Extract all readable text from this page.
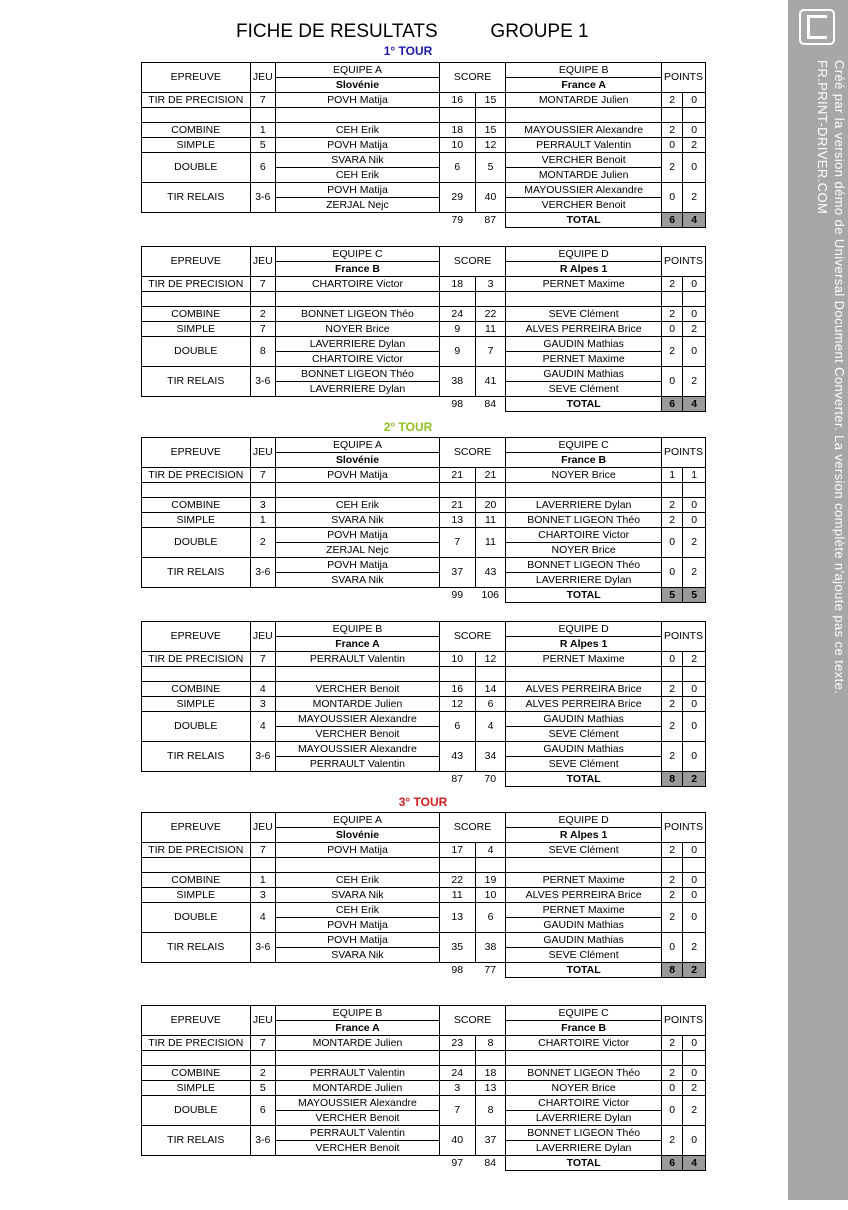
FICHE DE RESULTATS          GROUPE 1
Créé par la version démo de Universal Document Converter. La version complète n'ajoute pas ce texte.
FR.PRINT-DRIVER.COM
1° TOUR
EPREUVE	JEU	EQUIPE A	SCORE		EQUIPE B	POINTS	
		Slovénie			France A		
TIR DE PRECISION	7	POVH Matija	16	15	MONTARDE Julien	2	0

COMBINE	1	CEH Erik	18	15	MAYOUSSIER Alexandre	2	0
SIMPLE	5	POVH Matija	10	12	PERRAULT Valentin	0	2
DOUBLE	6	SVARA Nik	6	5	VERCHER Benoit	2	0
		CEH Erik			MONTARDE Julien		
TIR RELAIS	3-6	POVH Matija	29	40	MAYOUSSIER Alexandre	0	2
		ZERJAL Nejc			VERCHER Benoit		
			79	87	TOTAL	6	4
EPREUVE	JEU	EQUIPE C	SCORE		EQUIPE D	POINTS	
		France B			R Alpes 1		
TIR DE PRECISION	7	CHARTOIRE Victor	18	3	PERNET Maxime	2	0

COMBINE	2	BONNET LIGEON Théo	24	22	SEVE Clément	2	0
SIMPLE	7	NOYER Brice	9	11	ALVES PERREIRA Brice	0	2
DOUBLE	8	LAVERRIERE Dylan	9	7	GAUDIN Mathias	2	0
		CHARTOIRE Victor			PERNET Maxime		
TIR RELAIS	3-6	BONNET LIGEON Théo	38	41	GAUDIN Mathias	0	2
		LAVERRIERE Dylan			SEVE Clément		
			98	84	TOTAL	6	4
2° TOUR
EPREUVE	JEU	EQUIPE A	SCORE		EQUIPE C	POINTS	
		Slovénie			France B		
TIR DE PRECISION	7	POVH Matija	21	21	NOYER Brice	1	1

COMBINE	3	CEH Erik	21	20	LAVERRIERE Dylan	2	0
SIMPLE	1	SVARA Nik	13	11	BONNET LIGEON Théo	2	0
DOUBLE	2	POVH Matija	7	11	CHARTOIRE Victor	0	2
		ZERJAL Nejc			NOYER Brice		
TIR RELAIS	3-6	POVH Matija	37	43	BONNET LIGEON Théo	0	2
		SVARA Nik			LAVERRIERE Dylan		
			99	106	TOTAL	5	5
EPREUVE	JEU	EQUIPE B	SCORE		EQUIPE D	POINTS	
		France A			R Alpes 1		
TIR DE PRECISION	7	PERRAULT Valentin	10	12	PERNET Maxime	0	2

COMBINE	4	VERCHER Benoit	16	14	ALVES PERREIRA Brice	2	0
SIMPLE	3	MONTARDE Julien	12	6	ALVES PERREIRA Brice	2	0
DOUBLE	4	MAYOUSSIER Alexandre	6	4	GAUDIN Mathias	2	0
		VERCHER Benoit			SEVE Clément		
TIR RELAIS	3-6	MAYOUSSIER Alexandre	43	34	GAUDIN Mathias	2	0
		PERRAULT Valentin			SEVE Clément		
			87	70	TOTAL	8	2
3° TOUR
EPREUVE	JEU	EQUIPE A	SCORE		EQUIPE D	POINTS	
		Slovénie			R Alpes 1		
TIR DE PRECISION	7	POVH Matija	17	4	SEVE Clément	2	0

COMBINE	1	CEH Erik	22	19	PERNET Maxime	2	0
SIMPLE	3	SVARA Nik	11	10	ALVES PERREIRA Brice	2	0
DOUBLE	4	CEH Erik	13	6	PERNET Maxime	2	0
		POVH Matija			GAUDIN Mathias		
TIR RELAIS	3-6	POVH Matija	35	38	GAUDIN Mathias	0	2
		SVARA Nik			SEVE Clément		
			98	77	TOTAL	8	2
EPREUVE	JEU	EQUIPE B	SCORE		EQUIPE C	POINTS	
		France A			France B		
TIR DE PRECISION	7	MONTARDE Julien	23	8	CHARTOIRE Victor	2	0

COMBINE	2	PERRAULT Valentin	24	18	BONNET LIGEON Théo	2	0
SIMPLE	5	MONTARDE Julien	3	13	NOYER Brice	0	2
DOUBLE	6	MAYOUSSIER Alexandre	7	8	CHARTOIRE Victor	0	2
		VERCHER Benoit			LAVERRIERE Dylan		
TIR RELAIS	3-6	PERRAULT Valentin	40	37	BONNET LIGEON Théo	2	0
		VERCHER Benoit			LAVERRIERE Dylan		
			97	84	TOTAL	6	4
